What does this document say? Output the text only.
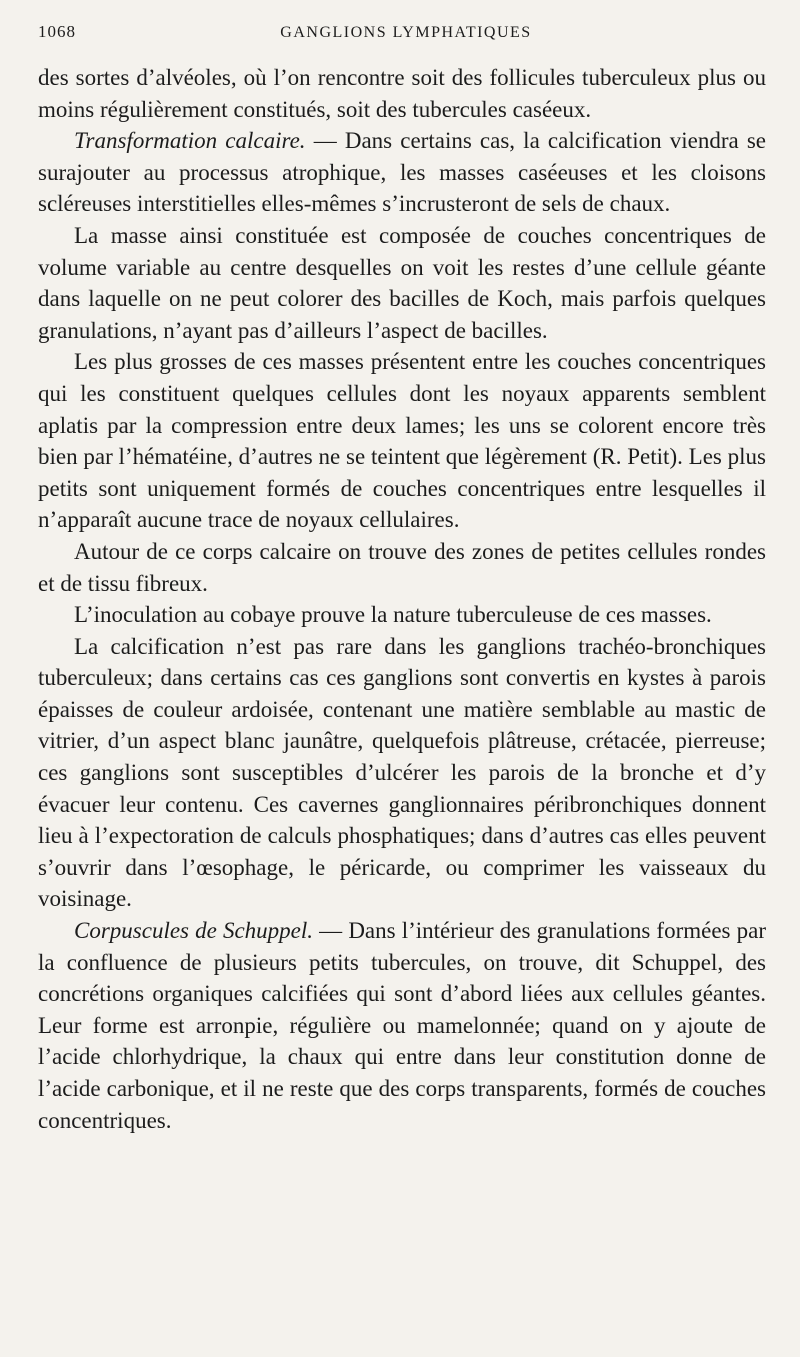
1068	GANGLIONS LYMPHATIQUES

des sortes d’alvéoles, où l’on rencontre soit des follicules tuberculeux plus ou moins régulièrement constitués, soit des tubercules caséeux.

Transformation calcaire. — Dans certains cas, la calcification viendra se surajouter au processus atrophique, les masses caséeuses et les cloisons scléreuses interstitielles elles-mêmes s’incrusteront de sels de chaux.

La masse ainsi constituée est composée de couches concentriques de volume variable au centre desquelles on voit les restes d’une cellule géante dans laquelle on ne peut colorer des bacilles de Koch, mais parfois quelques granulations, n’ayant pas d’ailleurs l’aspect de bacilles.

Les plus grosses de ces masses présentent entre les couches concentriques qui les constituent quelques cellules dont les noyaux apparents semblent aplatis par la compression entre deux lames; les uns se colorent encore très bien par l’hématéine, d’autres ne se teintent que légèrement (R. Petit). Les plus petits sont uniquement formés de couches concentriques entre lesquelles il n’apparaît aucune trace de noyaux cellulaires.

Autour de ce corps calcaire on trouve des zones de petites cellules rondes et de tissu fibreux.

L’inoculation au cobaye prouve la nature tuberculeuse de ces masses.

La calcification n’est pas rare dans les ganglions trachéo-bronchiques tuberculeux; dans certains cas ces ganglions sont convertis en kystes à parois épaisses de couleur ardoisée, contenant une matière semblable au mastic de vitrier, d’un aspect blanc jaunâtre, quelquefois plâtreuse, crétacée, pierreuse; ces ganglions sont susceptibles d’ulcérer les parois de la bronche et d’y évacuer leur contenu. Ces cavernes ganglionnaires péribronchiques donnent lieu à l’expectoration de calculs phosphatiques; dans d’autres cas elles peuvent s’ouvrir dans l’œsophage, le péricarde, ou comprimer les vaisseaux du voisinage.

Corpuscules de Schuppel. — Dans l’intérieur des granulations formées par la confluence de plusieurs petits tubercules, on trouve, dit Schuppel, des concrétions organiques calcifiées qui sont d’abord liées aux cellules géantes. Leur forme est arronpie, régulière ou mamelonnée; quand on y ajoute de l’acide chlorhydrique, la chaux qui entre dans leur constitution donne de l’acide carbonique, et il ne reste que des corps transparents, formés de couches concentriques.
